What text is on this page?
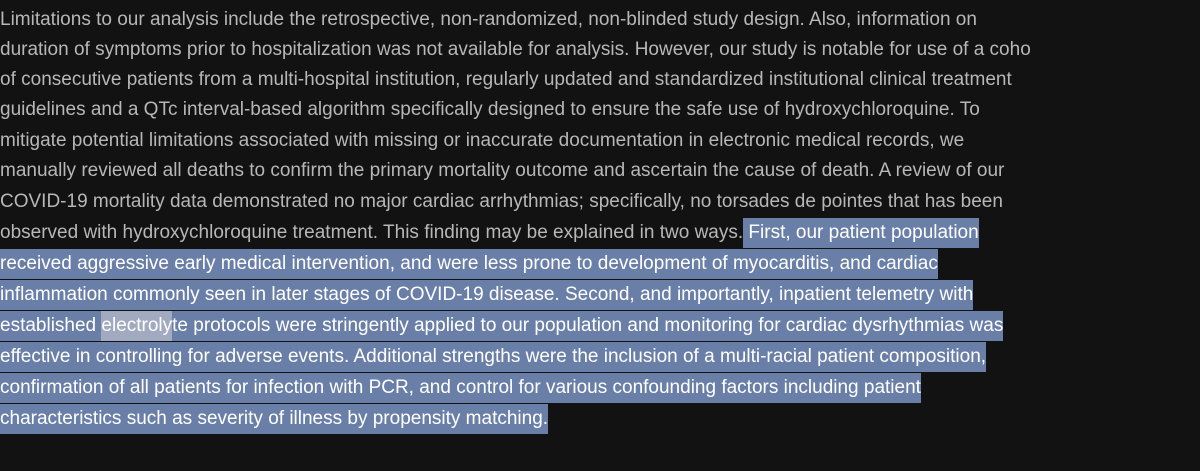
Limitations to our analysis include the retrospective, non-randomized, non-blinded study design. Also, information on
duration of symptoms prior to hospitalization was not available for analysis. However, our study is notable for use of a coho
of consecutive patients from a multi-hospital institution, regularly updated and standardized institutional clinical treatment
guidelines and a QTc interval-based algorithm specifically designed to ensure the safe use of hydroxychloroquine. To
mitigate potential limitations associated with missing or inaccurate documentation in electronic medical records, we
manually reviewed all deaths to confirm the primary mortality outcome and ascertain the cause of death. A review of our
COVID-19 mortality data demonstrated no major cardiac arrhythmias; specifically, no torsades de pointes that has been
observed with hydroxychloroquine treatment. This finding may be explained in two ways. First, our patient population
received aggressive early medical intervention, and were less prone to development of myocarditis, and cardiac
inflammation commonly seen in later stages of COVID-19 disease. Second, and importantly, inpatient telemetry with
established electrolyte protocols were stringently applied to our population and monitoring for cardiac dysrhythmias was
effective in controlling for adverse events. Additional strengths were the inclusion of a multi-racial patient composition,
confirmation of all patients for infection with PCR, and control for various confounding factors including patient
characteristics such as severity of illness by propensity matching.
